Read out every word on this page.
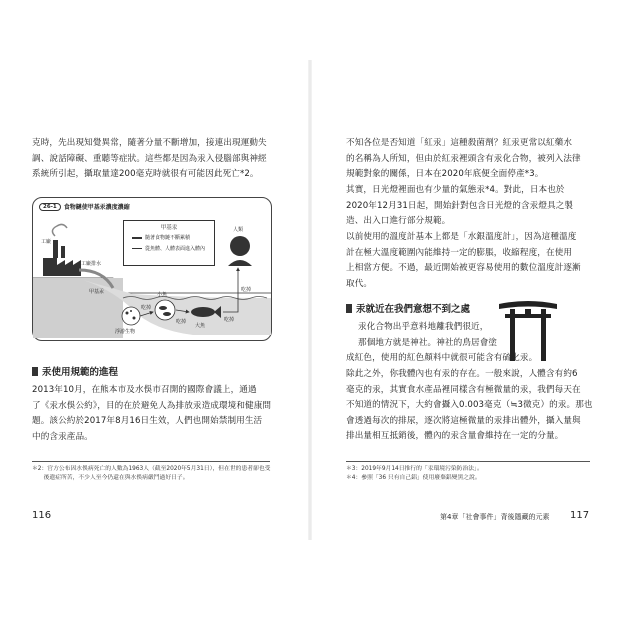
克時，先出現知覺異常，隨著分量不斷增加，接連出現運動失
調、說話障礙、重聽等症狀。這些都是因為汞入侵腦部與神經
系統所引起，攝取量達200毫克時就很有可能因此死亡*2。

26-1	食物鏈使甲基汞濃度濃縮
甲基汞
隨著食物鏈不斷累積
從魚體、人體表面進入體內
工廠
工廠排水
甲基汞	小魚
大魚
浮游生物
人類
吃掉
吃掉	吃掉
吃掉
汞使用規範的進程

2013年10月，在熊本市及水俁市召開的國際會議上，通過
了《汞水俁公約》，目的在於避免人為排放汞造成環境和健康問
題。該公約於2017年8月16日生效，人們也開始禁制用生活
中的含汞產品。

＊2：官方公布因水俁病死亡的人數為1963人（截至2020年5月31日），但在世的患者卻也受
　　後遺症所苦，不少人至今仍還在與水俁病嚴鬥過好日子。
116

不知各位是否知道「紅汞」這種殺菌劑？紅汞更常以紅藥水
的名稱為人所知，但由於紅汞裡頭含有汞化合物，被列入法律
規範對象的關係，日本在2020年底便全面停產*3。

其實，日光燈裡面也有少量的氣態汞*4。對此，日本也於
2020年12月31日起，開始針對包含日光燈的含汞燈具之製
造、出入口進行部分規範。

以前使用的溫度計基本上都是「水銀溫度計」，因為這種溫度
計在極大溫度範圍內能維持一定的膨脹，收縮程度，在使用
上相當方便。不過，最近開始被更容易使用的數位溫度計逐漸
取代。

汞就近在我們意想不到之處

汞化合物出乎意料地離我們很近，
那個地方就是神社。神社的鳥居會塗
成紅色，使用的紅色顏料中就很可能含有硫化汞。

除此之外，你我體內也有汞的存在。一般來說，人體含有約6
毫克的汞，其實食水產品裡同樣含有極微量的汞，我們每天在
不知道的情況下，大約會攝入0.003毫克（≒3微克）的汞。那也
會透過每次的排尿，逐次將這極微量的汞排出體外，攝入量與
排出量相互抵銷後，體內的汞含量會維持在一定的分量。

＊3：2019年9月14日推行的「汞環境污染防治法」。
＊4：參照「36 只有自己鋁」使用廢棄鋁變黑之說。
第4章「社會事件」背後隱藏的元素 117
